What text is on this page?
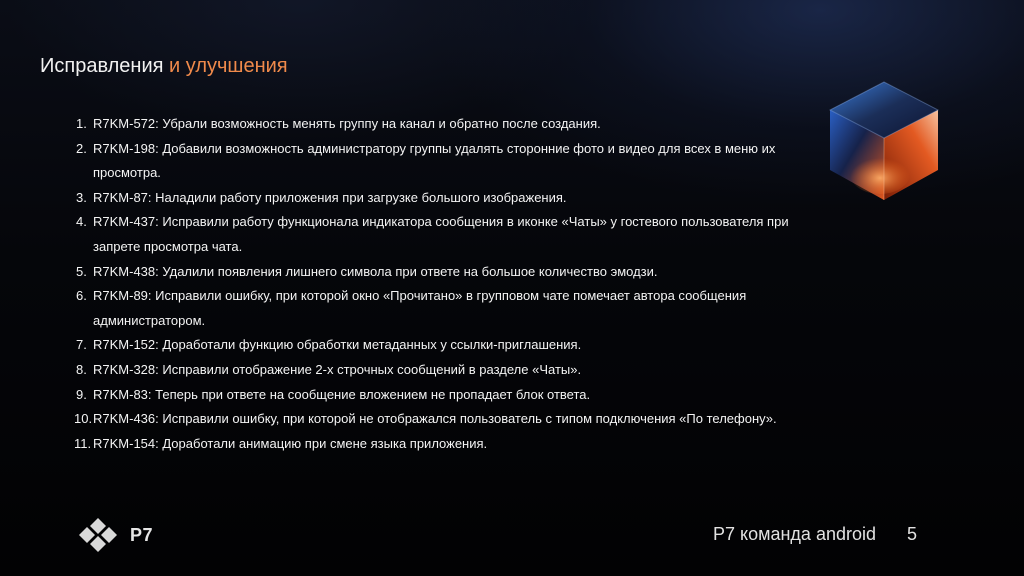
Исправления и улучшения
1. R7KM-572: Убрали возможность менять группу на канал и обратно после создания.
2. R7KM-198: Добавили возможность администратору группы удалять сторонние фото и видео для всех в меню их просмотра.
3. R7KM-87: Наладили работу приложения при загрузке большого изображения.
4. R7KM-437: Исправили работу функционала индикатора сообщения в иконке «Чаты» у гостевого пользователя при запрете просмотра чата.
5. R7KM-438: Удалили появления лишнего символа при ответе на большое количество эмодзи.
6. R7KM-89: Исправили ошибку, при которой окно «Прочитано» в групповом чате помечает автора сообщения администратором.
7. R7KM-152: Доработали функцию обработки метаданных у ссылки-приглашения.
8. R7KM-328: Исправили отображение 2-х строчных сообщений в разделе «Чаты».
9. R7KM-83: Теперь при ответе на сообщение вложением не пропадает блок ответа.
10. R7KM-436: Исправили ошибку, при которой не отображался пользователь с типом подключения «По телефону».
11. R7KM-154: Доработали анимацию при смене языка приложения.
P7	P7 команда android 5
